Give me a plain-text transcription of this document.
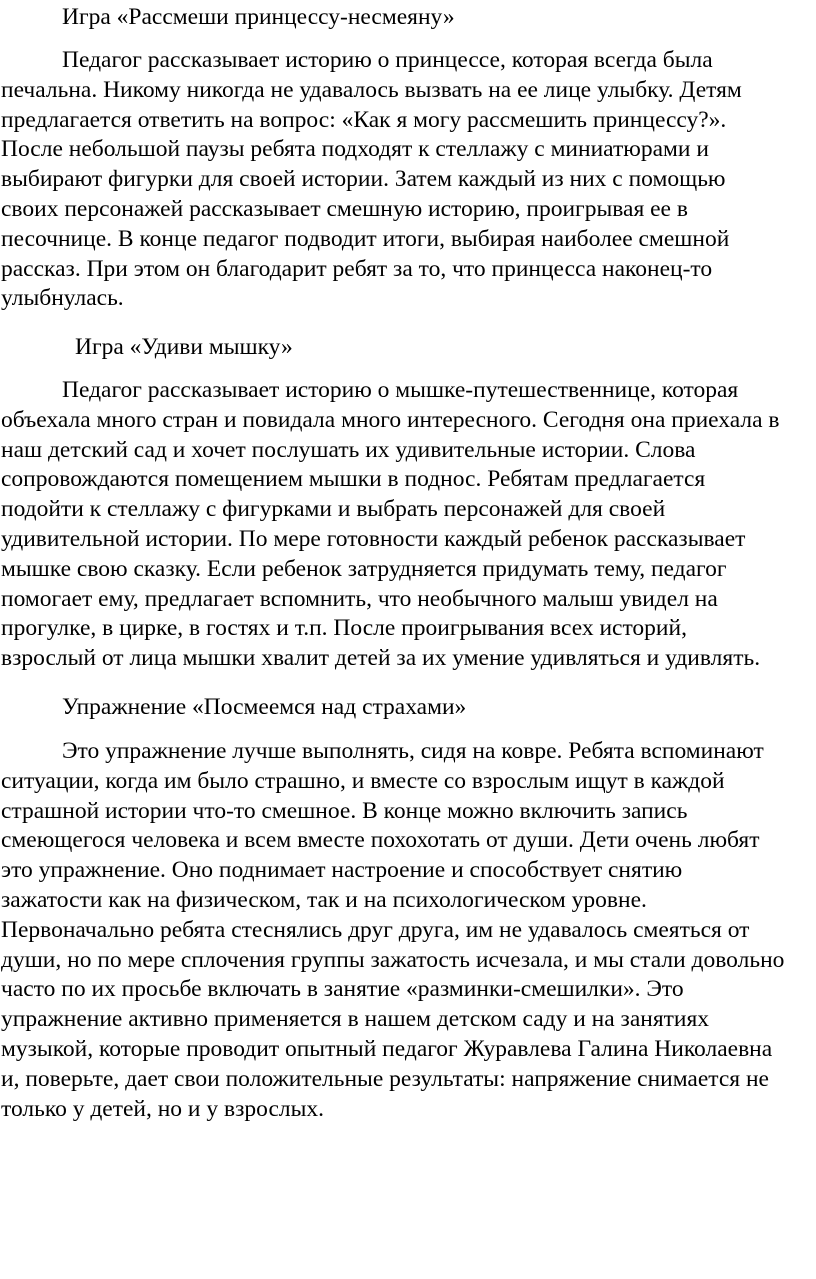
Игра «Рассмеши принцессу-несмеяну»

Педагог рассказывает историю о принцессе, которая всегда была
печальна. Никому никогда не удавалось вызвать на ее лице улыбку. Детям
предлагается ответить на вопрос: «Как я могу рассмешить принцессу?».
После небольшой паузы ребята подходят к стеллажу с миниатюрами и
выбирают фигурки для своей истории. Затем каждый из них с помощью
своих персонажей рассказывает смешную историю, проигрывая ее в
песочнице. В конце педагог подводит итоги, выбирая наиболее смешной
рассказ. При этом он благодарит ребят за то, что принцесса наконец-то
улыбнулась.

Игра «Удиви мышку»

Педагог рассказывает историю о мышке-путешественнице, которая
объехала много стран и повидала много интересного. Сегодня она приехала в
наш детский сад и хочет послушать их удивительные истории. Слова
сопровождаются помещением мышки в поднос. Ребятам предлагается
подойти к стеллажу с фигурками и выбрать персонажей для своей
удивительной истории. По мере готовности каждый ребенок рассказывает
мышке свою сказку. Если ребенок затрудняется придумать тему, педагог
помогает ему, предлагает вспомнить, что необычного малыш увидел на
прогулке, в цирке, в гостях и т.п. После проигрывания всех историй,
взрослый от лица мышки хвалит детей за их умение удивляться и удивлять.

Упражнение «Посмеемся над страхами»

Это упражнение лучше выполнять, сидя на ковре. Ребята вспоминают
ситуации, когда им было страшно, и вместе со взрослым ищут в каждой
страшной истории что-то смешное. В конце можно включить запись
смеющегося человека и всем вместе похохотать от души. Дети очень любят
это упражнение. Оно поднимает настроение и способствует снятию
зажатости как на физическом, так и на психологическом уровне.
Первоначально ребята стеснялись друг друга, им не удавалось смеяться от
души, но по мере сплочения группы зажатость исчезала, и мы стали довольно
часто по их просьбе включать в занятие «разминки-смешилки». Это
упражнение активно применяется в нашем детском саду и на занятиях
музыкой, которые проводит опытный педагог Журавлева Галина Николаевна
и, поверьте, дает свои положительные результаты: напряжение снимается не
только у детей, но и у взрослых.
